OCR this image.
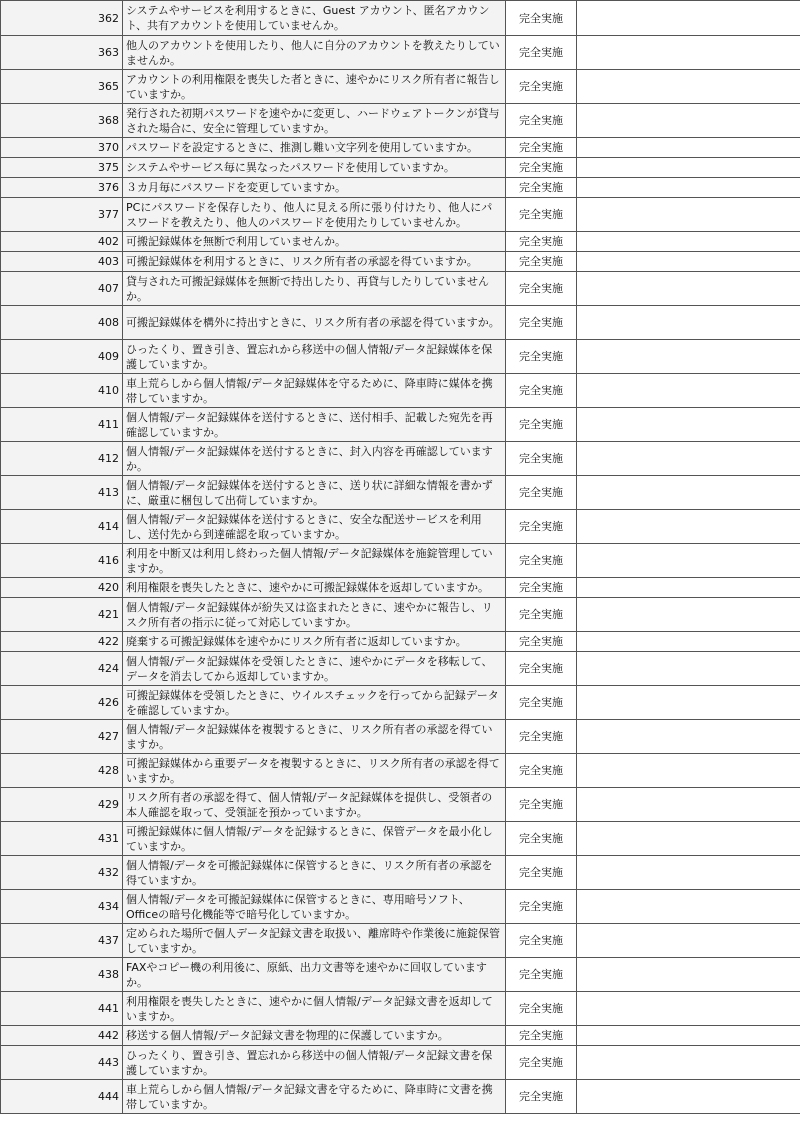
362	システムやサービスを利用するときに、Guest アカウント、匿名アカウント、共有アカウントを使用していませんか。	完全実施	
363	他人のアカウントを使用したり、他人に自分のアカウントを教えたりしていませんか。	完全実施	
365	アカウントの利用権限を喪失した者ときに、速やかにリスク所有者に報告していますか。	完全実施	
368	発行された初期パスワードを速やかに変更し、ハードウェアトークンが貸与された場合に、安全に管理していますか。	完全実施	
370	パスワードを設定するときに、推測し難い文字列を使用していますか。	完全実施	
375	システムやサービス毎に異なったパスワードを使用していますか。	完全実施	
376	３カ月毎にパスワードを変更していますか。	完全実施	
377	PCにパスワードを保存したり、他人に見える所に張り付けたり、他人にパスワードを教えたり、他人のパスワードを使用たりしていませんか。	完全実施	
402	可搬記録媒体を無断で利用していませんか。	完全実施	
403	可搬記録媒体を利用するときに、リスク所有者の承認を得ていますか。	完全実施	
407	貸与された可搬記録媒体を無断で持出したり、再貸与したりしていませんか。	完全実施	
408	可搬記録媒体を構外に持出すときに、リスク所有者の承認を得ていますか。	完全実施	
409	ひったくり、置き引き、置忘れから移送中の個人情報/データ記録媒体を保護していますか。	完全実施	
410	車上荒らしから個人情報/データ記録媒体を守るために、降車時に媒体を携帯していますか。	完全実施	
411	個人情報/データ記録媒体を送付するときに、送付相手、記載した宛先を再確認していますか。	完全実施	
412	個人情報/データ記録媒体を送付するときに、封入内容を再確認していますか。	完全実施	
413	個人情報/データ記録媒体を送付するときに、送り状に詳細な情報を書かずに、厳重に梱包して出荷していますか。	完全実施	
414	個人情報/データ記録媒体を送付するときに、安全な配送サービスを利用し、送付先から到達確認を取っていますか。	完全実施	
416	利用を中断又は利用し終わった個人情報/データ記録媒体を施錠管理していますか。	完全実施	
420	利用権限を喪失したときに、速やかに可搬記録媒体を返却していますか。	完全実施	
421	個人情報/データ記録媒体が紛失又は盗まれたときに、速やかに報告し、リスク所有者の指示に従って対応していますか。	完全実施	
422	廃棄する可搬記録媒体を速やかにリスク所有者に返却していますか。	完全実施	
424	個人情報/データ記録媒体を受領したときに、速やかにデータを移転して、データを消去してから返却していますか。	完全実施	
426	可搬記録媒体を受領したときに、ウイルスチェックを行ってから記録データを確認していますか。	完全実施	
427	個人情報/データ記録媒体を複製するときに、リスク所有者の承認を得ていますか。	完全実施	
428	可搬記録媒体から重要データを複製するときに、リスク所有者の承認を得ていますか。	完全実施	
429	リスク所有者の承認を得て、個人情報/データ記録媒体を提供し、受領者の本人確認を取って、受領証を預かっていますか。	完全実施	
431	可搬記録媒体に個人情報/データを記録するときに、保管データを最小化していますか。	完全実施	
432	個人情報/データを可搬記録媒体に保管するときに、リスク所有者の承認を得ていますか。	完全実施	
434	個人情報/データを可搬記録媒体に保管するときに、専用暗号ソフト、Officeの暗号化機能等で暗号化していますか。	完全実施	
437	定められた場所で個人データ記録文書を取扱い、離席時や作業後に施錠保管していますか。	完全実施	
438	FAXやコピー機の利用後に、原紙、出力文書等を速やかに回収していますか。	完全実施	
441	利用権限を喪失したときに、速やかに個人情報/データ記録文書を返却していますか。	完全実施	
442	移送する個人情報/データ記録文書を物理的に保護していますか。	完全実施	
443	ひったくり、置き引き、置忘れから移送中の個人情報/データ記録文書を保護していますか。	完全実施	
444	車上荒らしから個人情報/データ記録文書を守るために、降車時に文書を携帯していますか。	完全実施	
